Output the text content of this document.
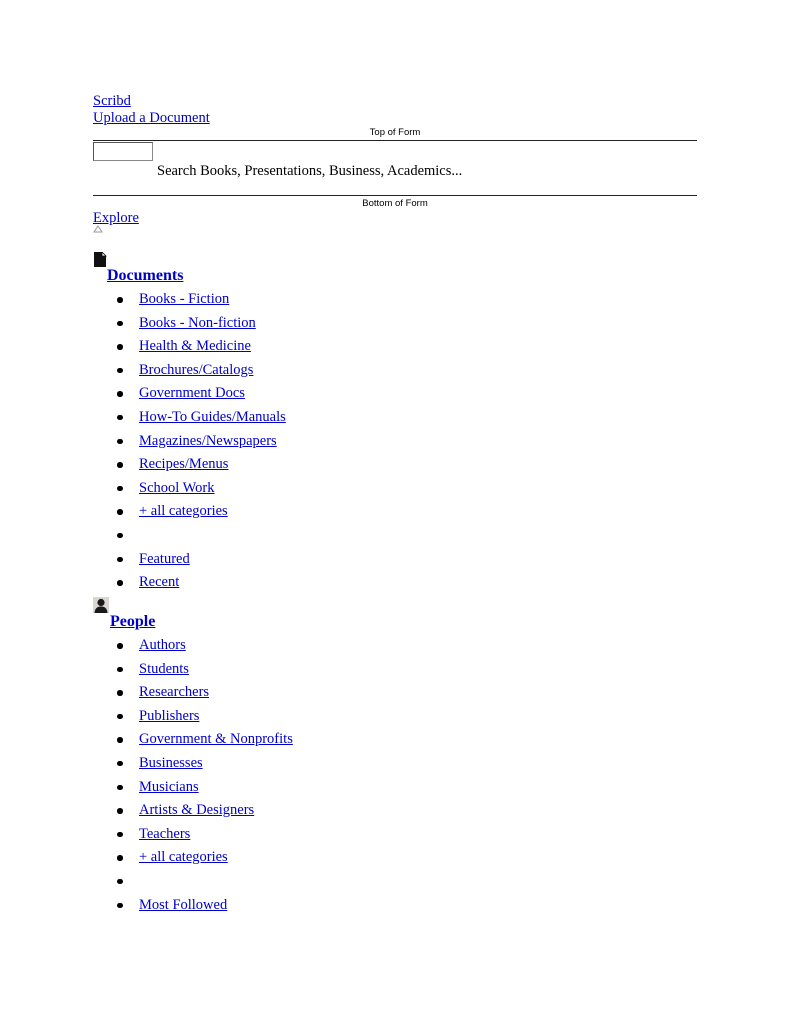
Scribd
Upload a Document
Top of Form
Search Books, Presentations, Business, Academics...
Bottom of Form
Explore
Documents
Books - Fiction
Books - Non-fiction
Health & Medicine
Brochures/Catalogs
Government Docs
How-To Guides/Manuals
Magazines/Newspapers
Recipes/Menus
School Work
+ all categories
Featured
Recent
People
Authors
Students
Researchers
Publishers
Government & Nonprofits
Businesses
Musicians
Artists & Designers
Teachers
+ all categories
Most Followed
